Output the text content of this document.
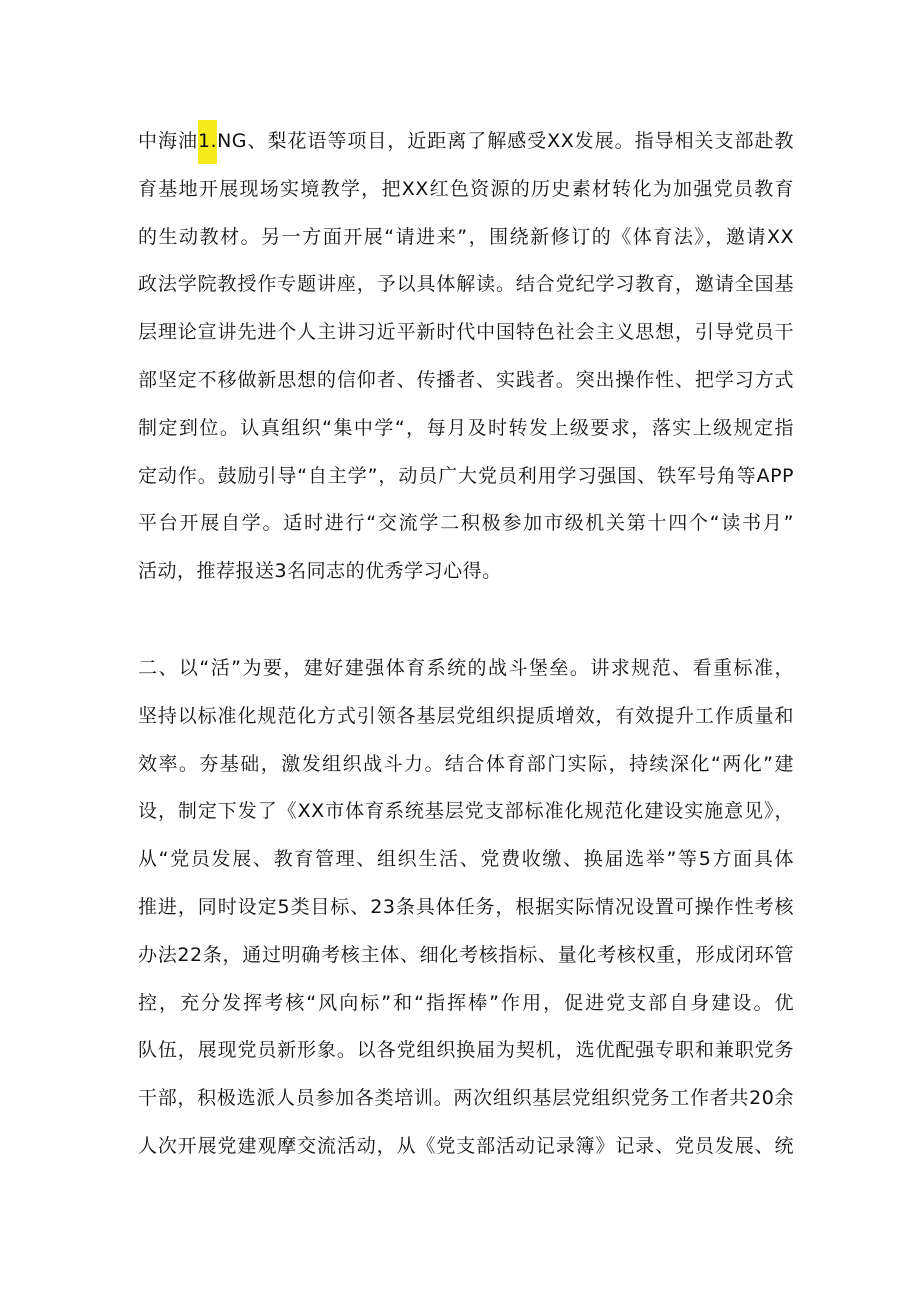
中海油1.NG、梨花语等项目，近距离了解感受XX发展。指导相关支部赴教
育基地开展现场实境教学，把XX红色资源的历史素材转化为加强党员教育
的生动教材。另一方面开展“请进来”，围绕新修订的《体育法》，邀请XX
政法学院教授作专题讲座，予以具体解读。结合党纪学习教育，邀请全国基
层理论宣讲先进个人主讲习近平新时代中国特色社会主义思想，引导党员干
部坚定不移做新思想的信仰者、传播者、实践者。突出操作性、把学习方式
制定到位。认真组织“集中学“，每月及时转发上级要求，落实上级规定指
定动作。鼓励引导“自主学”，动员广大党员利用学习强国、铁军号角等APP
平台开展自学。适时进行“交流学二积极参加市级机关第十四个“读书月”
活动，推荐报送3名同志的优秀学习心得。
二、以“活”为要，建好建强体育系统的战斗堡垒。讲求规范、看重标准，
坚持以标准化规范化方式引领各基层党组织提质增效，有效提升工作质量和
效率。夯基础，激发组织战斗力。结合体育部门实际，持续深化“两化”建
设，制定下发了《XX市体育系统基层党支部标准化规范化建设实施意见》，
从“党员发展、教育管理、组织生活、党费收缴、换届选举”等5方面具体
推进，同时设定5类目标、23条具体任务，根据实际情况设置可操作性考核
办法22条，通过明确考核主体、细化考核指标、量化考核权重，形成闭环管
控，充分发挥考核“风向标”和“指挥棒”作用，促进党支部自身建设。优
队伍，展现党员新形象。以各党组织换届为契机，选优配强专职和兼职党务
干部，积极选派人员参加各类培训。两次组织基层党组织党务工作者共20余
人次开展党建观摩交流活动，从《党支部活动记录簿》记录、党员发展、统
